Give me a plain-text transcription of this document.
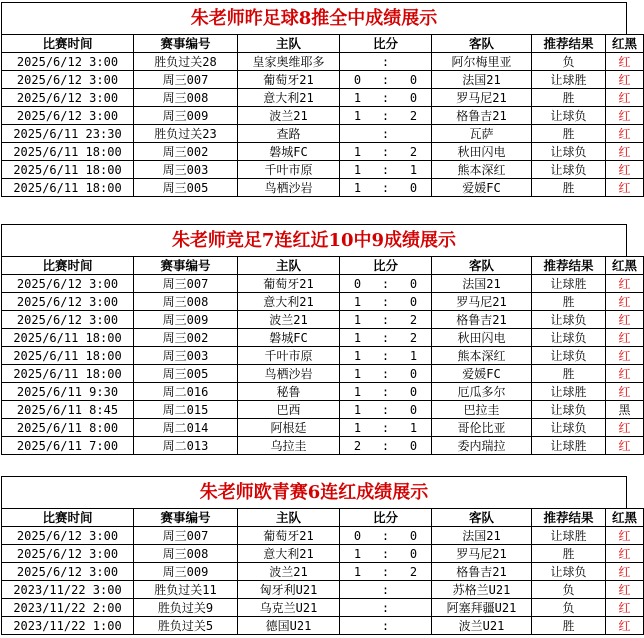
朱老师昨足球8推全中成绩展示
比赛时间	赛事编号	主队	比分	客队	推荐结果	红黑
2025/6/12 3:00	胜负过关28	皇家奥维耶多	:	阿尔梅里亚	负	红
2025/6/12 3:00	周三007	葡萄牙21	0 : 0	法国21	让球胜	红
2025/6/12 3:00	周三008	意大利21	1 : 0	罗马尼21	胜	红
2025/6/12 3:00	周三009	波兰21	1 : 2	格鲁吉21	让球负	红
2025/6/11 23:30	胜负过关23	查路	:	瓦萨	胜	红
2025/6/11 18:00	周三002	磐城FC	1 : 2	秋田闪电	让球负	红
2025/6/11 18:00	周三003	千叶市原	1 : 1	熊本深红	让球负	红
2025/6/11 18:00	周三005	鸟栖沙岩	1 : 0	爱媛FC	胜	红
朱老师竞足7连红近10中9成绩展示
比赛时间	赛事编号	主队	比分	客队	推荐结果	红黑
2025/6/12 3:00	周三007	葡萄牙21	0 : 0	法国21	让球胜	红
2025/6/12 3:00	周三008	意大利21	1 : 0	罗马尼21	胜	红
2025/6/12 3:00	周三009	波兰21	1 : 2	格鲁吉21	让球负	红
2025/6/11 18:00	周三002	磐城FC	1 : 2	秋田闪电	让球负	红
2025/6/11 18:00	周三003	千叶市原	1 : 1	熊本深红	让球负	红
2025/6/11 18:00	周三005	鸟栖沙岩	1 : 0	爱媛FC	胜	红
2025/6/11 9:30	周二016	秘鲁	1 : 0	厄瓜多尔	让球胜	红
2025/6/11 8:45	周二015	巴西	1 : 0	巴拉圭	让球负	黑
2025/6/11 8:00	周二014	阿根廷	1 : 1	哥伦比亚	让球负	红
2025/6/11 7:00	周二013	乌拉圭	2 : 0	委内瑞拉	让球胜	红
朱老师欧青赛6连红成绩展示
比赛时间	赛事编号	主队	比分	客队	推荐结果	红黑
2025/6/12 3:00	周三007	葡萄牙21	0 : 0	法国21	让球胜	红
2025/6/12 3:00	周三008	意大利21	1 : 0	罗马尼21	胜	红
2025/6/12 3:00	周三009	波兰21	1 : 2	格鲁吉21	让球负	红
2023/11/22 3:00	胜负过关11	匈牙利U21	:	苏格兰U21	负	红
2023/11/22 2:00	胜负过关9	乌克兰U21	:	阿塞拜疆U21	负	红
2023/11/22 1:00	胜负过关5	德国U21	:	波兰U21	胜	红
